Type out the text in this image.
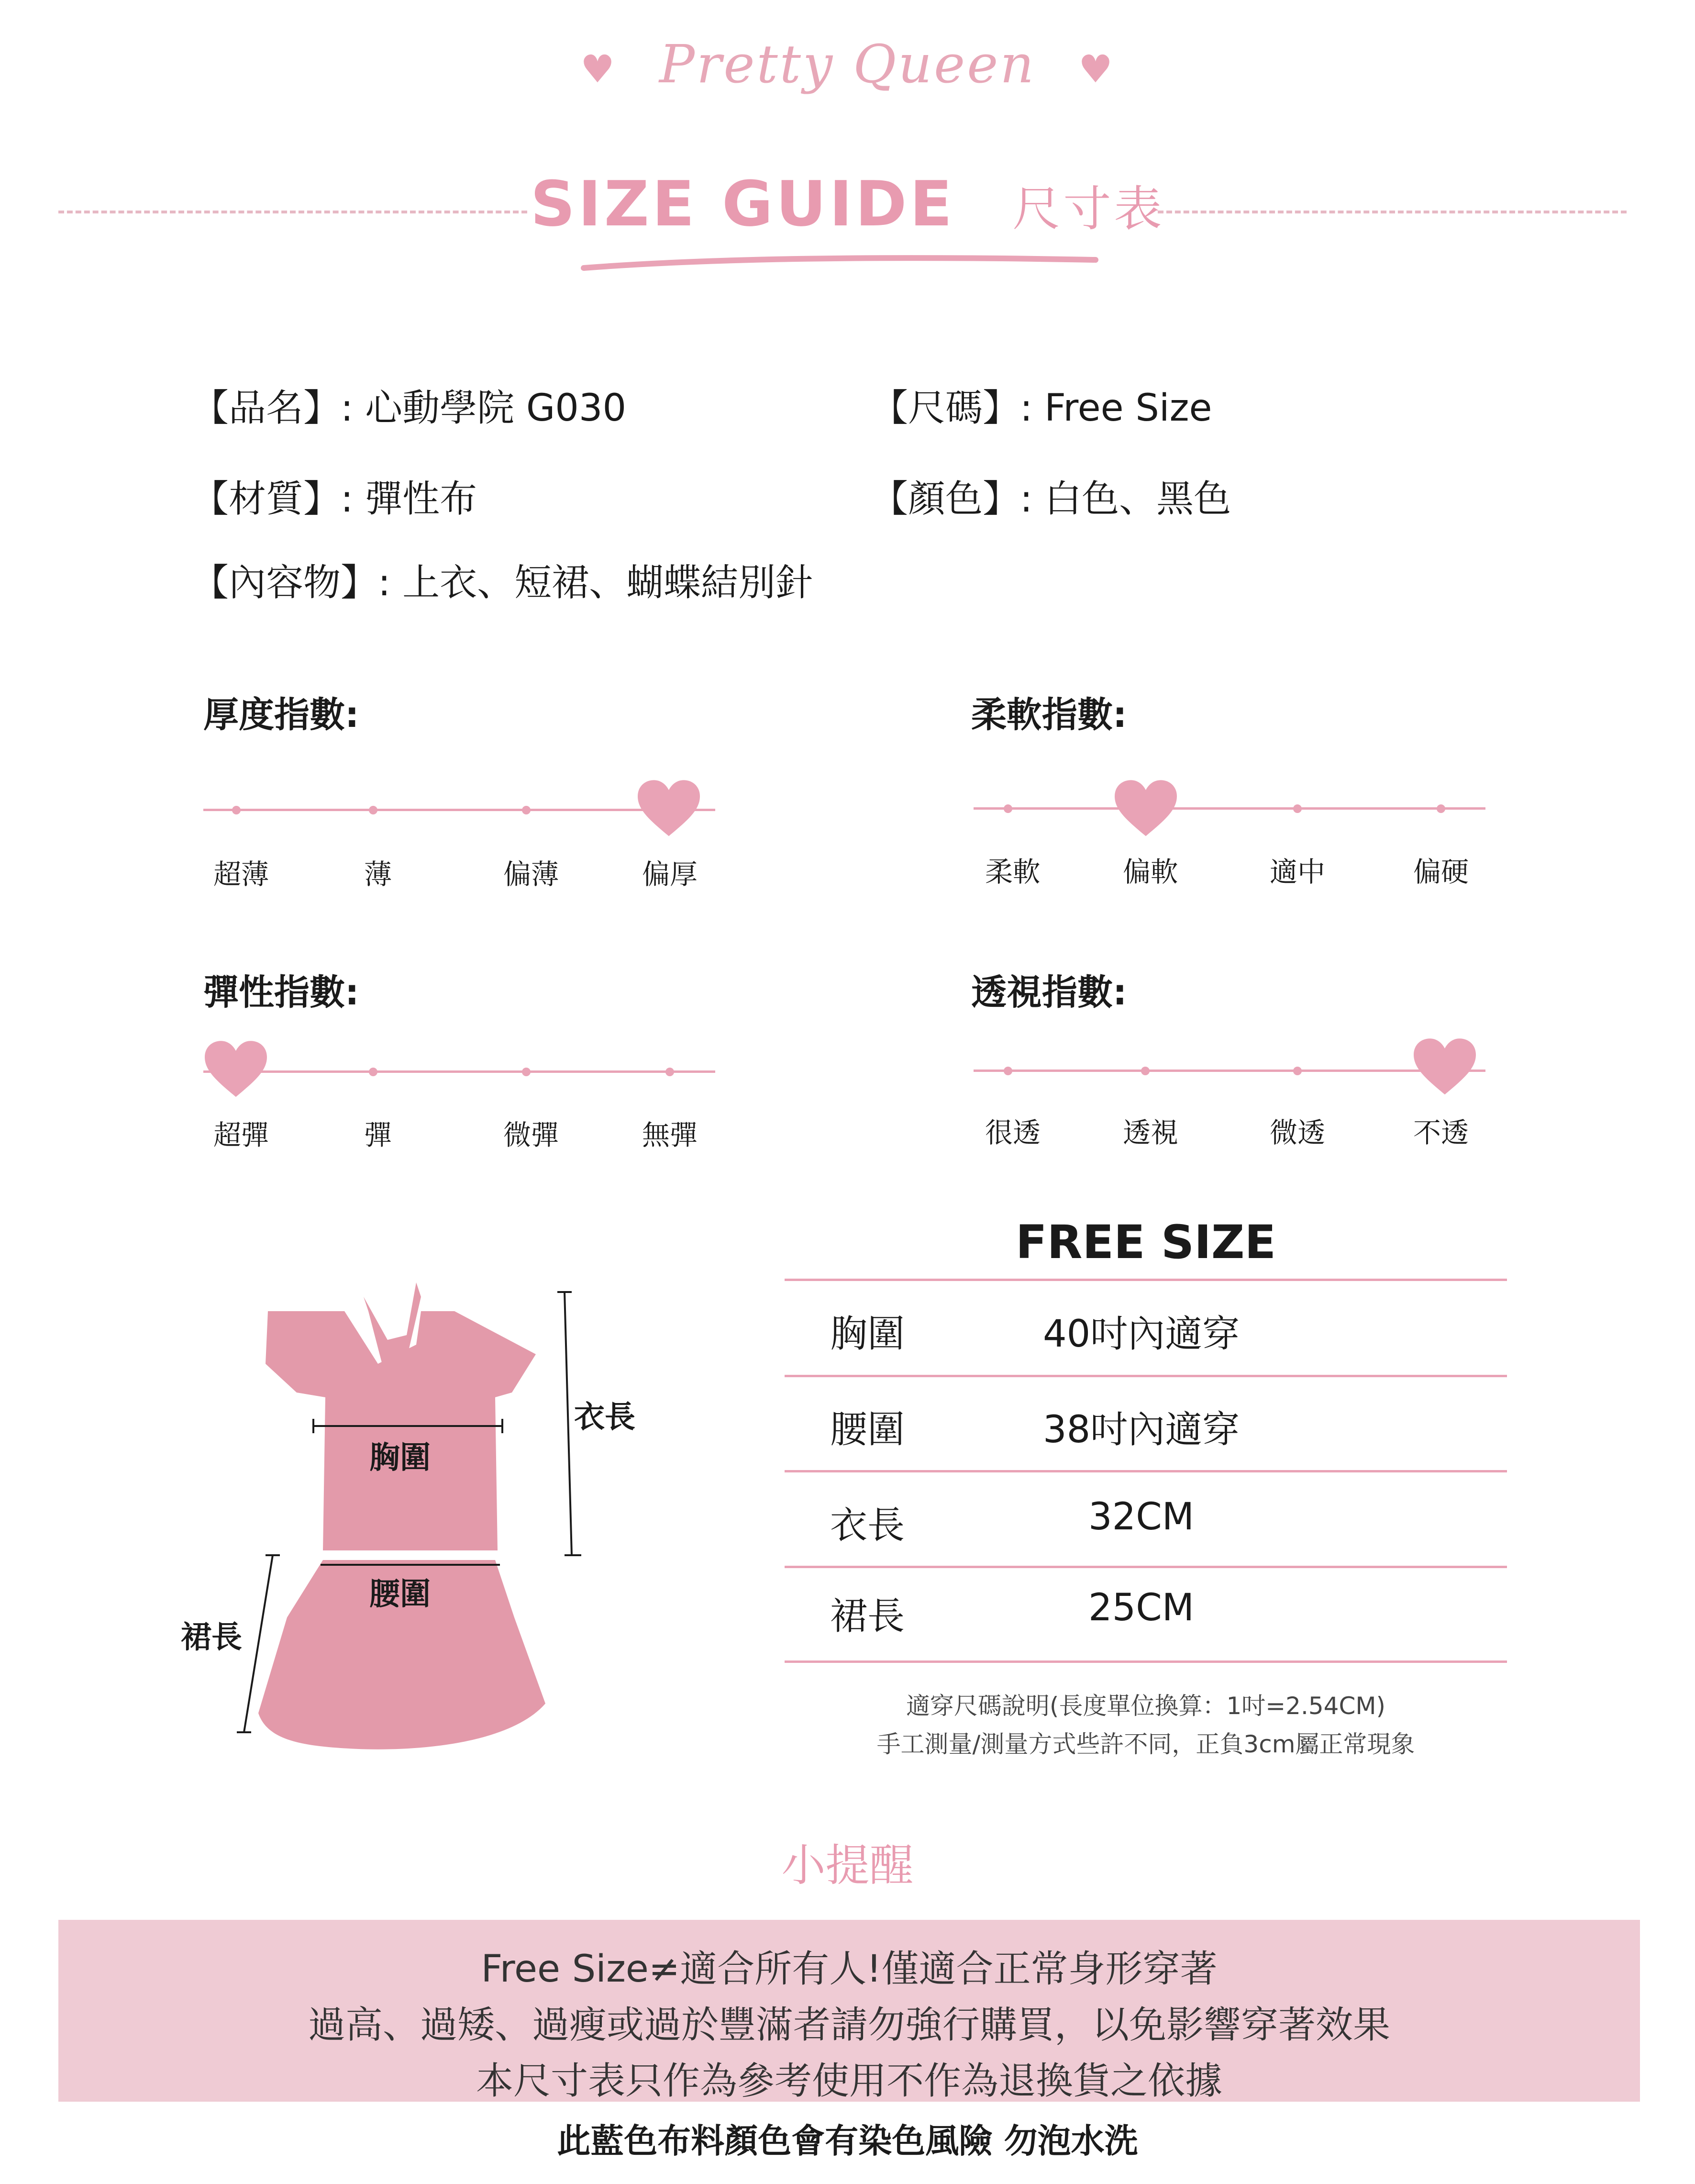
♥ Pretty Queen ♥
SIZE GUIDE 尺寸表
【品名】: 心動學院 G030	【尺碼】: Free Size
【材質】: 彈性布	【顏色】: 白色、黑色
【內容物】: 上衣、短裙、蝴蝶結別針
厚度指數:
超薄	薄	偏薄	偏厚
柔軟指數:
柔軟	偏軟	適中	偏硬
彈性指數:
超彈	彈	微彈	無彈
透視指數:
很透	透視	微透	不透
胸圍
腰圍
衣長
裙長
FREE SIZE
胸圍	40吋內適穿
腰圍	38吋內適穿
衣長	32CM
裙長	25CM
適穿尺碼說明(長度單位換算：1吋=2.54CM)
手工測量/測量方式些許不同，正負3cm屬正常現象
小提醒
Free Size≠適合所有人!僅適合正常身形穿著
過高、過矮、過瘦或過於豐滿者請勿強行購買，以免影響穿著效果
本尺寸表只作為參考使用不作為退換貨之依據
此藍色布料顏色會有染色風險 勿泡水洗
